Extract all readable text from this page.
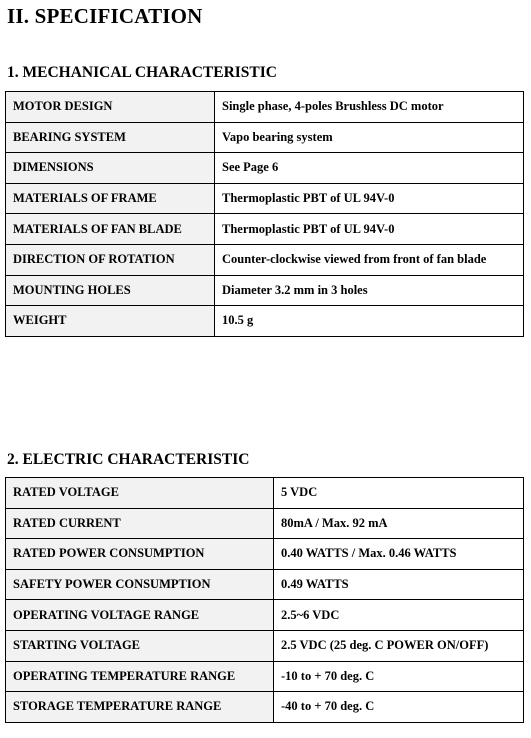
II. SPECIFICATION
1. MECHANICAL CHARACTERISTIC
MOTOR DESIGN	Single phase, 4-poles Brushless DC motor
BEARING SYSTEM	Vapo bearing system
DIMENSIONS	See Page 6
MATERIALS OF FRAME	Thermoplastic PBT of UL 94V-0
MATERIALS OF FAN BLADE	Thermoplastic PBT of UL 94V-0
DIRECTION OF ROTATION	Counter-clockwise viewed from front of fan blade
MOUNTING HOLES	Diameter 3.2 mm in 3 holes
WEIGHT	10.5 g
2. ELECTRIC CHARACTERISTIC
RATED VOLTAGE	5 VDC
RATED CURRENT	80mA / Max. 92 mA
RATED POWER CONSUMPTION	0.40 WATTS / Max. 0.46 WATTS
SAFETY POWER CONSUMPTION	0.49 WATTS
OPERATING VOLTAGE RANGE	2.5~6 VDC
STARTING VOLTAGE	2.5 VDC (25 deg. C POWER ON/OFF)
OPERATING TEMPERATURE RANGE	-10 to + 70 deg. C
STORAGE TEMPERATURE RANGE	-40 to + 70 deg. C
